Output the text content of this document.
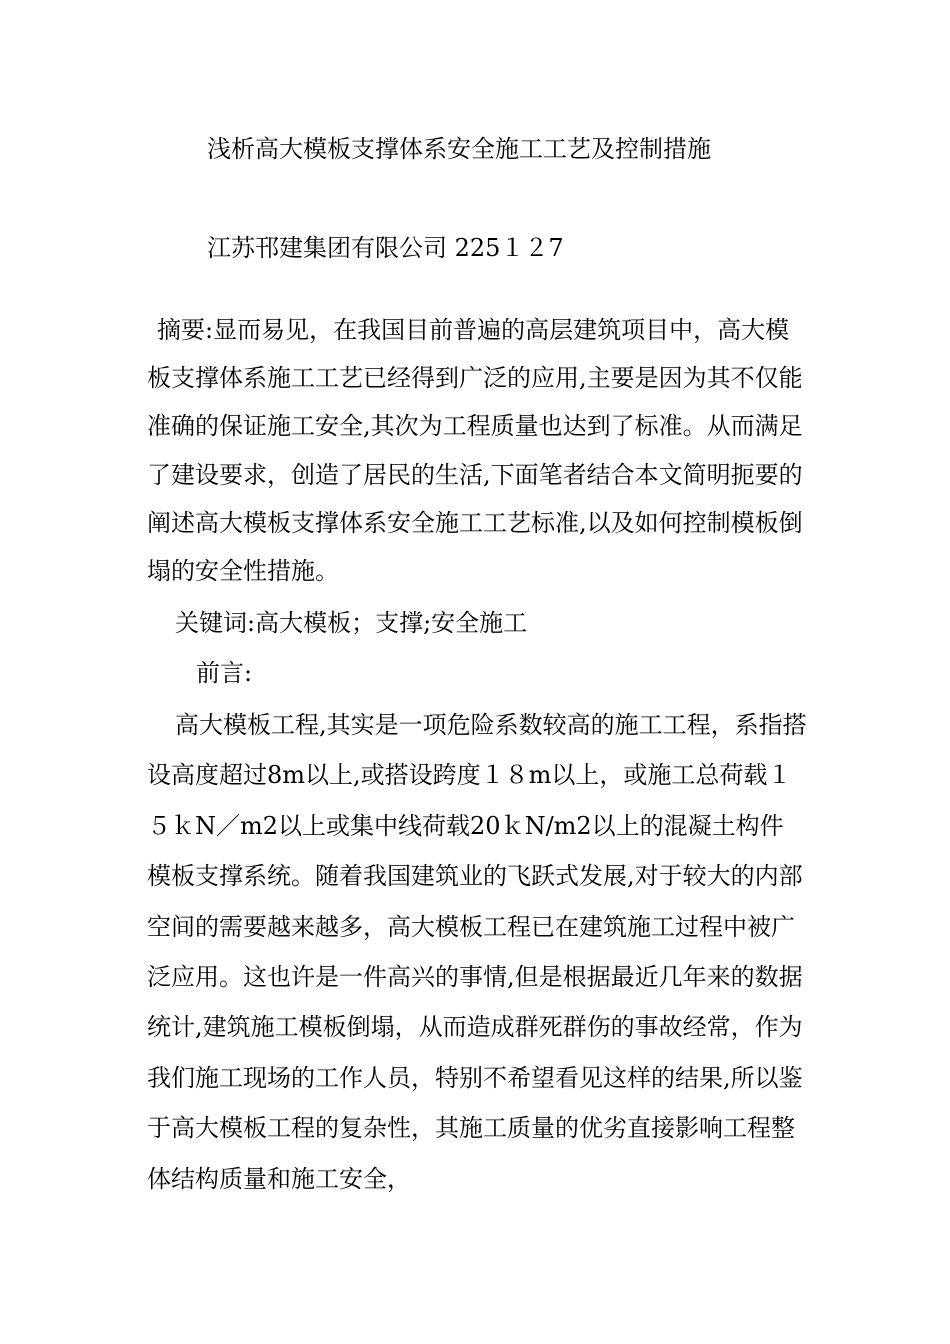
浅析高大模板支撑体系安全施工工艺及控制措施
江苏邗建集团有限公司 225１２7

摘要:显而易见，在我国目前普遍的高层建筑项目中，高大模板支撑体系施工工艺已经得到广泛的应用,主要是因为其不仅能准确的保证施工安全,其次为工程质量也达到了标准。从而满足了建设要求，创造了居民的生活,下面笔者结合本文简明扼要的阐述高大模板支撑体系安全施工工艺标准,以及如何控制模板倒塌的安全性措施。

关键词:高大模板；支撑;安全施工
前言:

高大模板工程,其实是一项危险系数较高的施工工程，系指搭设高度超过8m以上,或搭设跨度１８m以上，或施工总荷载１５ｋN／m2以上或集中线荷载20ｋN/m2以上的混凝土构件模板支撑系统。随着我国建筑业的飞跃式发展,对于较大的内部空间的需要越来越多，高大模板工程已在建筑施工过程中被广泛应用。这也许是一件高兴的事情,但是根据最近几年来的数据统计,建筑施工模板倒塌，从而造成群死群伤的事故经常，作为我们施工现场的工作人员，特别不希望看见这样的结果,所以鉴于高大模板工程的复杂性，其施工质量的优劣直接影响工程整体结构质量和施工安全，
